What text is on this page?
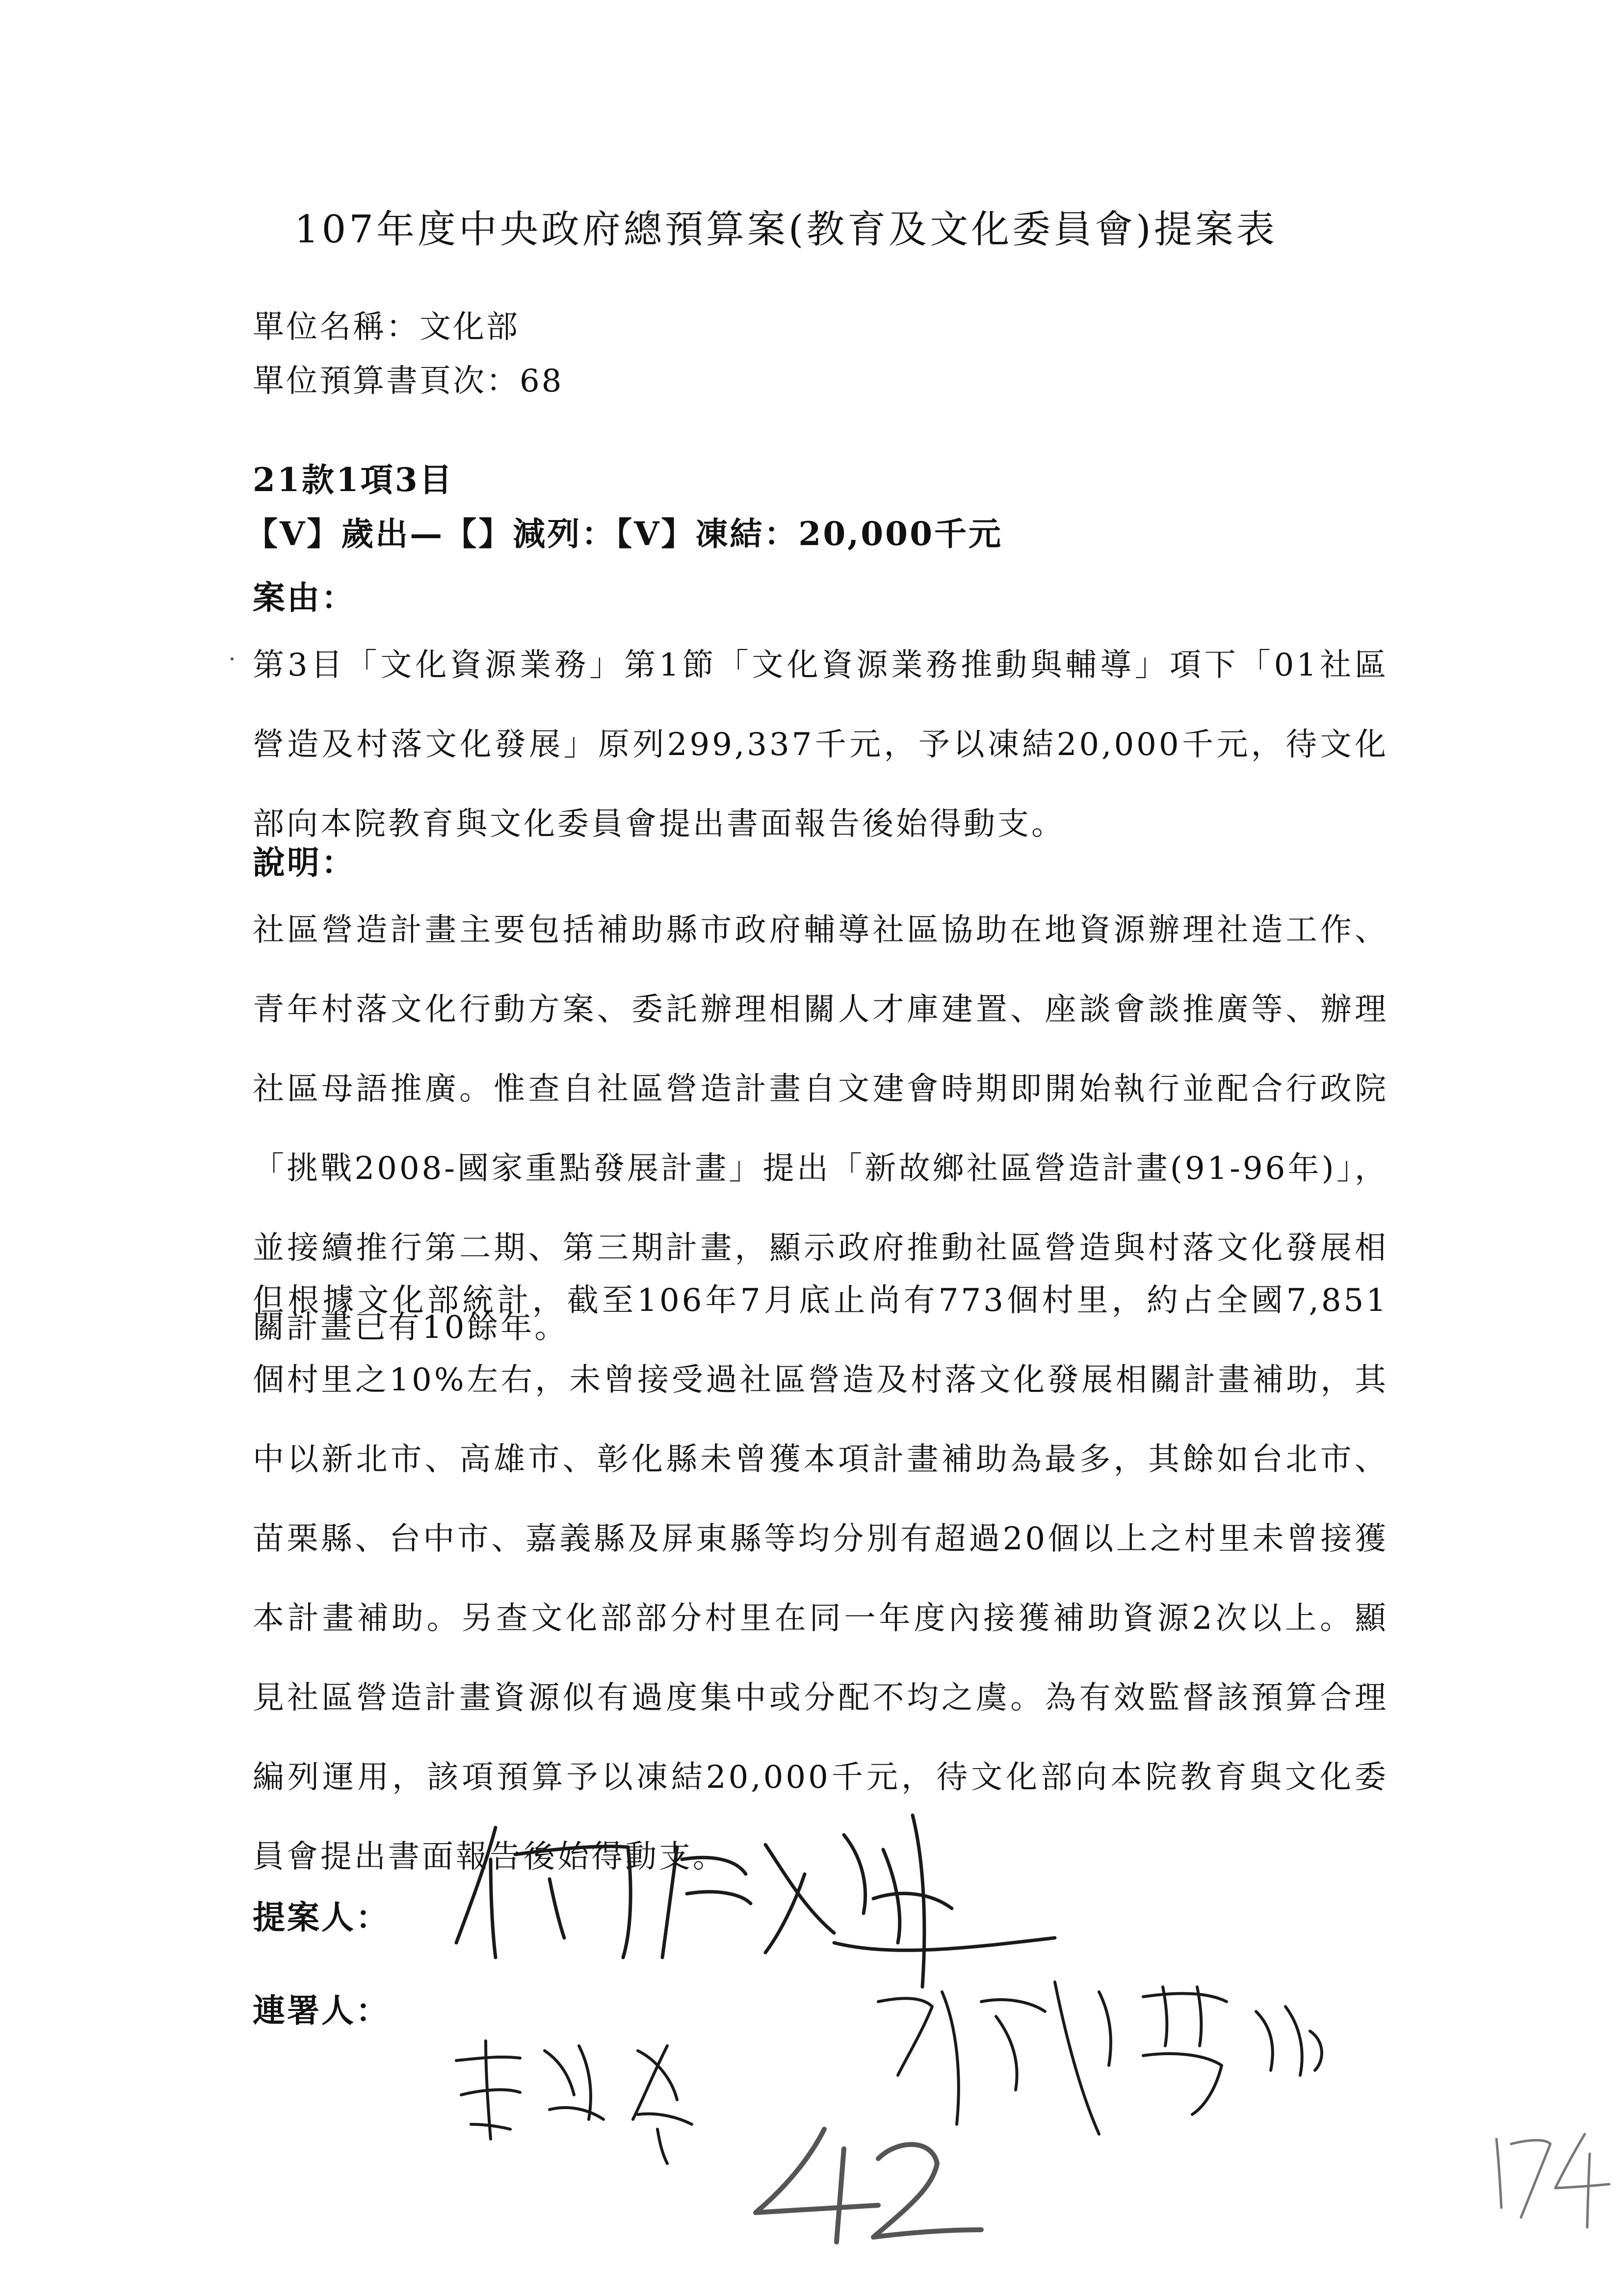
107年度中央政府總預算案(教育及文化委員會)提案表
單位名稱：文化部
單位預算書頁次：68
21款1項3目
【V】歲出—【】減列：【V】凍結：20,000千元
案由：

第3目「文化資源業務」第1節「文化資源業務推動與輔導」項下「01社區營造及村落文化發展」原列299,337千元，予以凍結20,000千元，待文化部向本院教育與文化委員會提出書面報告後始得動支。

說明：

社區營造計畫主要包括補助縣市政府輔導社區協助在地資源辦理社造工作、青年村落文化行動方案、委託辦理相關人才庫建置、座談會談推廣等、辦理社區母語推廣。惟查自社區營造計畫自文建會時期即開始執行並配合行政院「挑戰2008-國家重點發展計畫」提出「新故鄉社區營造計畫(91-96年)」，並接續推行第二期、第三期計畫，顯示政府推動社區營造與村落文化發展相關計畫已有10餘年。

但根據文化部統計，截至106年7月底止尚有773個村里，約占全國7,851個村里之10%左右，未曾接受過社區營造及村落文化發展相關計畫補助，其中以新北市、高雄市、彰化縣未曾獲本項計畫補助為最多，其餘如台北市、苗栗縣、台中市、嘉義縣及屏東縣等均分別有超過20個以上之村里未曾接獲本計畫補助。另查文化部部分村里在同一年度內接獲補助資源2次以上。顯見社區營造計畫資源似有過度集中或分配不均之虞。為有效監督該預算合理編列運用，該項預算予以凍結20,000千元，待文化部向本院教育與文化委員會提出書面報告後始得動支。

提案人：
連署人：
